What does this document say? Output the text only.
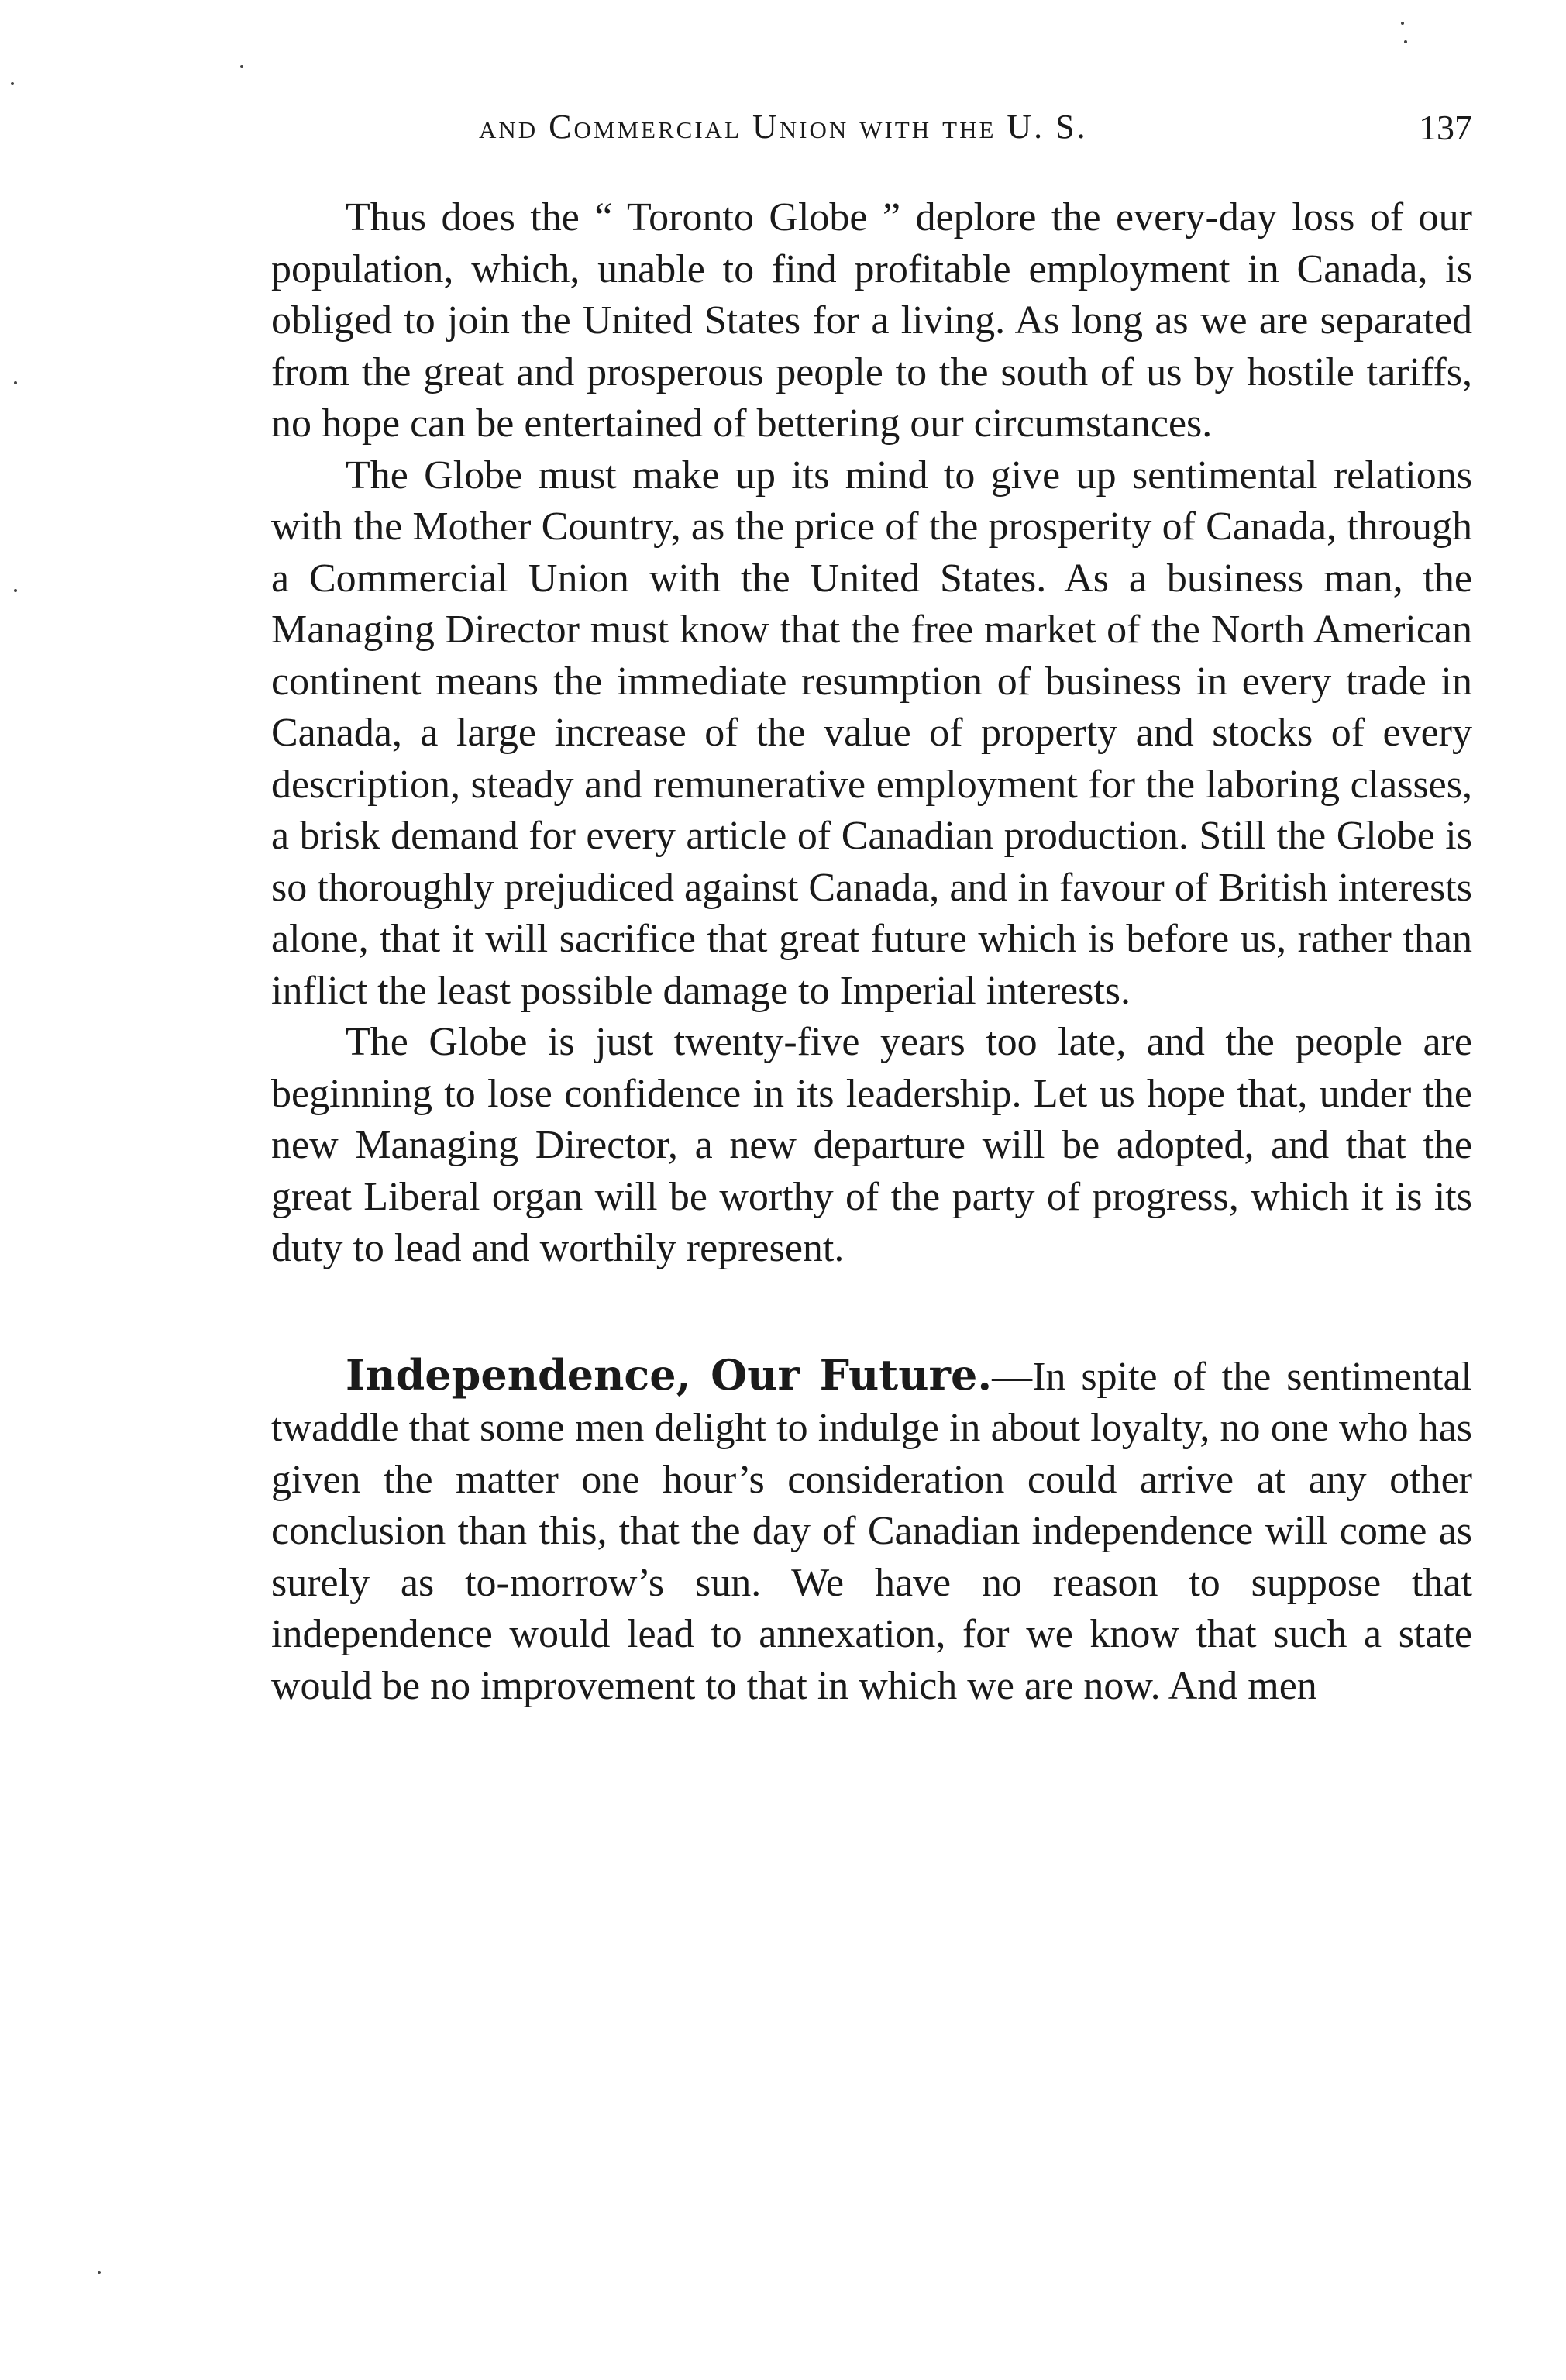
and Commercial Union with the U. S.	137

Thus does the “ Toronto Globe ” deplore the every-day loss of our population, which, unable to find profitable employment in Canada, is obliged to join the United States for a living. As long as we are separated from the great and prosperous people to the south of us by hostile tariffs, no hope can be entertained of bettering our circumstances.

The Globe must make up its mind to give up sentimental relations with the Mother Country, as the price of the prosperity of Canada, through a Commercial Union with the United States. As a business man, the Managing Director must know that the free market of the North American continent means the immediate resumption of business in every trade in Canada, a large increase of the value of property and stocks of every description, steady and remunerative employment for the laboring classes, a brisk demand for every article of Canadian production. Still the Globe is so thoroughly prejudiced against Canada, and in favour of British interests alone, that it will sacrifice that great future which is before us, rather than inflict the least possible damage to Imperial interests.

The Globe is just twenty-five years too late, and the people are beginning to lose confidence in its leadership. Let us hope that, under the new Managing Director, a new departure will be adopted, and that the great Liberal organ will be worthy of the party of progress, which it is its duty to lead and worthily represent.

Independence, Our Future.—In spite of the sentimental twaddle that some men delight to indulge in about loyalty, no one who has given the matter one hour’s consideration could arrive at any other conclusion than this, that the day of Canadian independence will come as surely as to-morrow’s sun. We have no reason to suppose that independence would lead to annexation, for we know that such a state would be no improvement to that in which we are now. And men
